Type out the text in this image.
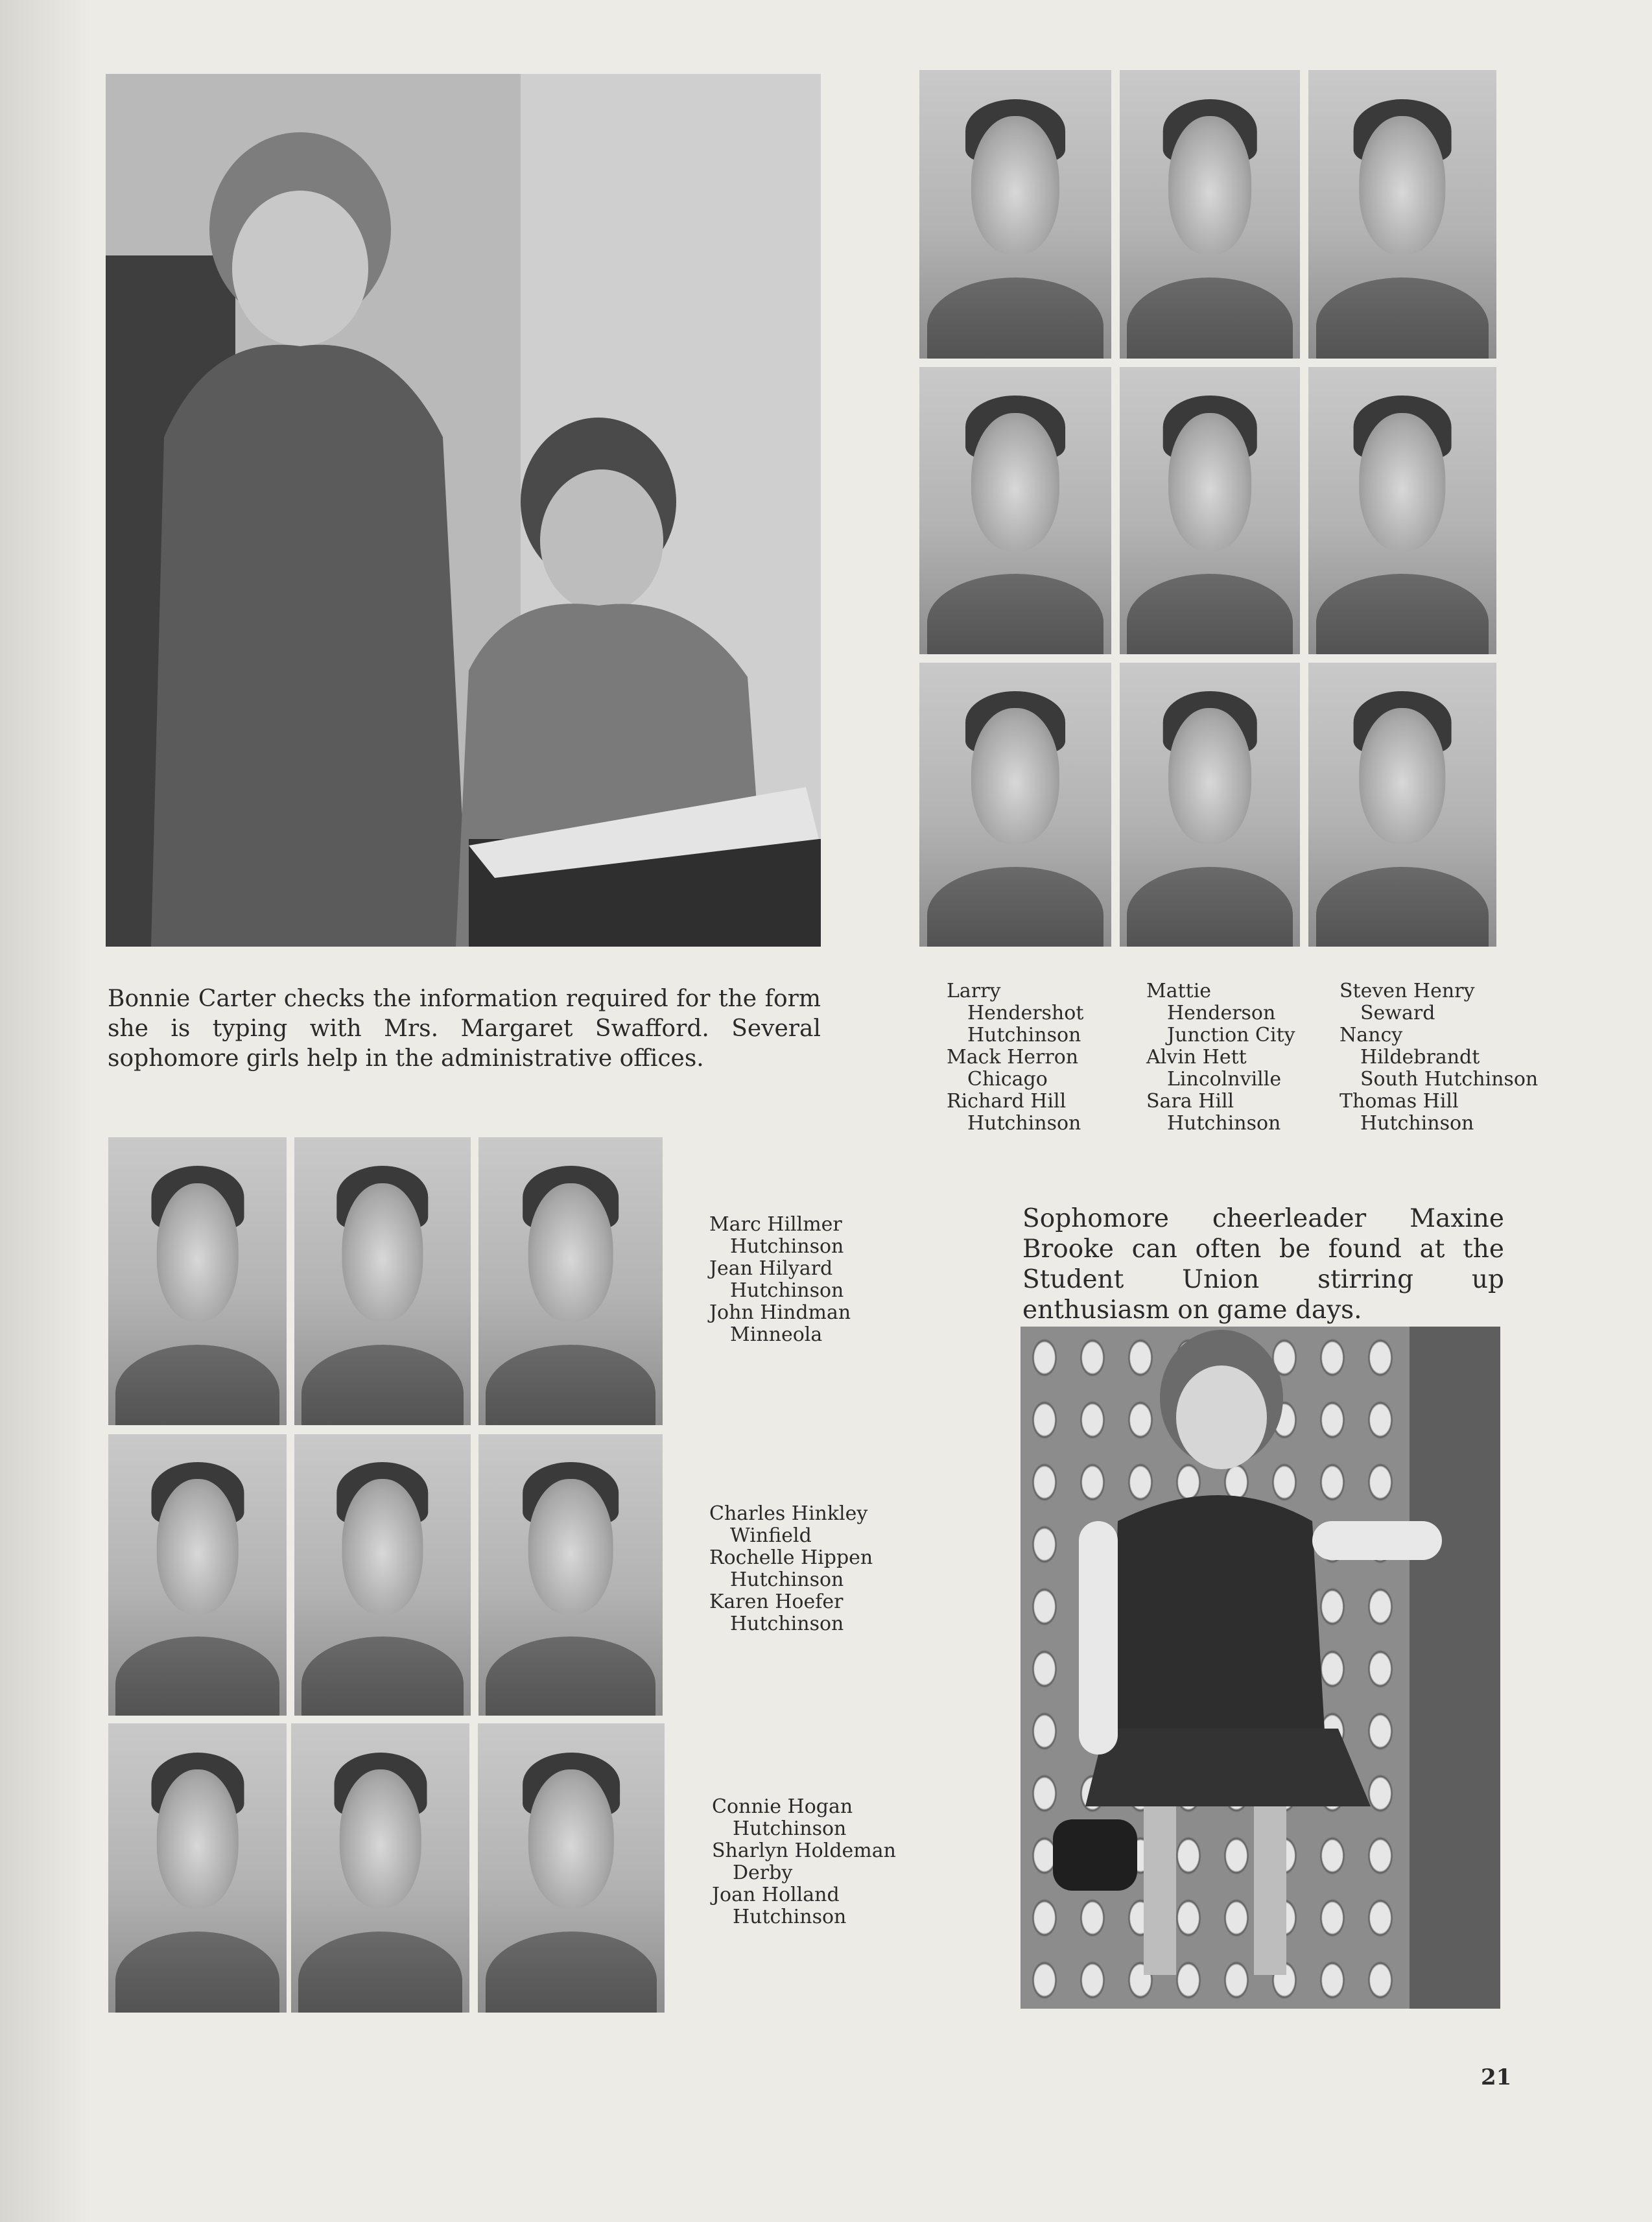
Bonnie Carter checks the information required for the form she is typing with Mrs. Margaret Swafford. Several sophomore girls help in the administrative offices.
Larry
Hendershot
Hutchinson
Mack Herron
Chicago
Richard Hill
Hutchinson
Mattie
Henderson
Junction City
Alvin Hett
Lincolnville
Sara Hill
Hutchinson
Steven Henry
Seward
Nancy
Hildebrandt
South Hutchinson
Thomas Hill
Hutchinson
Marc Hillmer
Hutchinson
Jean Hilyard
Hutchinson
John Hindman
Minneola
Charles Hinkley
Winfield
Rochelle Hippen
Hutchinson
Karen Hoefer
Hutchinson
Connie Hogan
Hutchinson
Sharlyn Holdeman
Derby
Joan Holland
Hutchinson
Sophomore cheerleader Maxine Brooke can often be found at the Student Union stirring up enthusiasm on game days.
21
